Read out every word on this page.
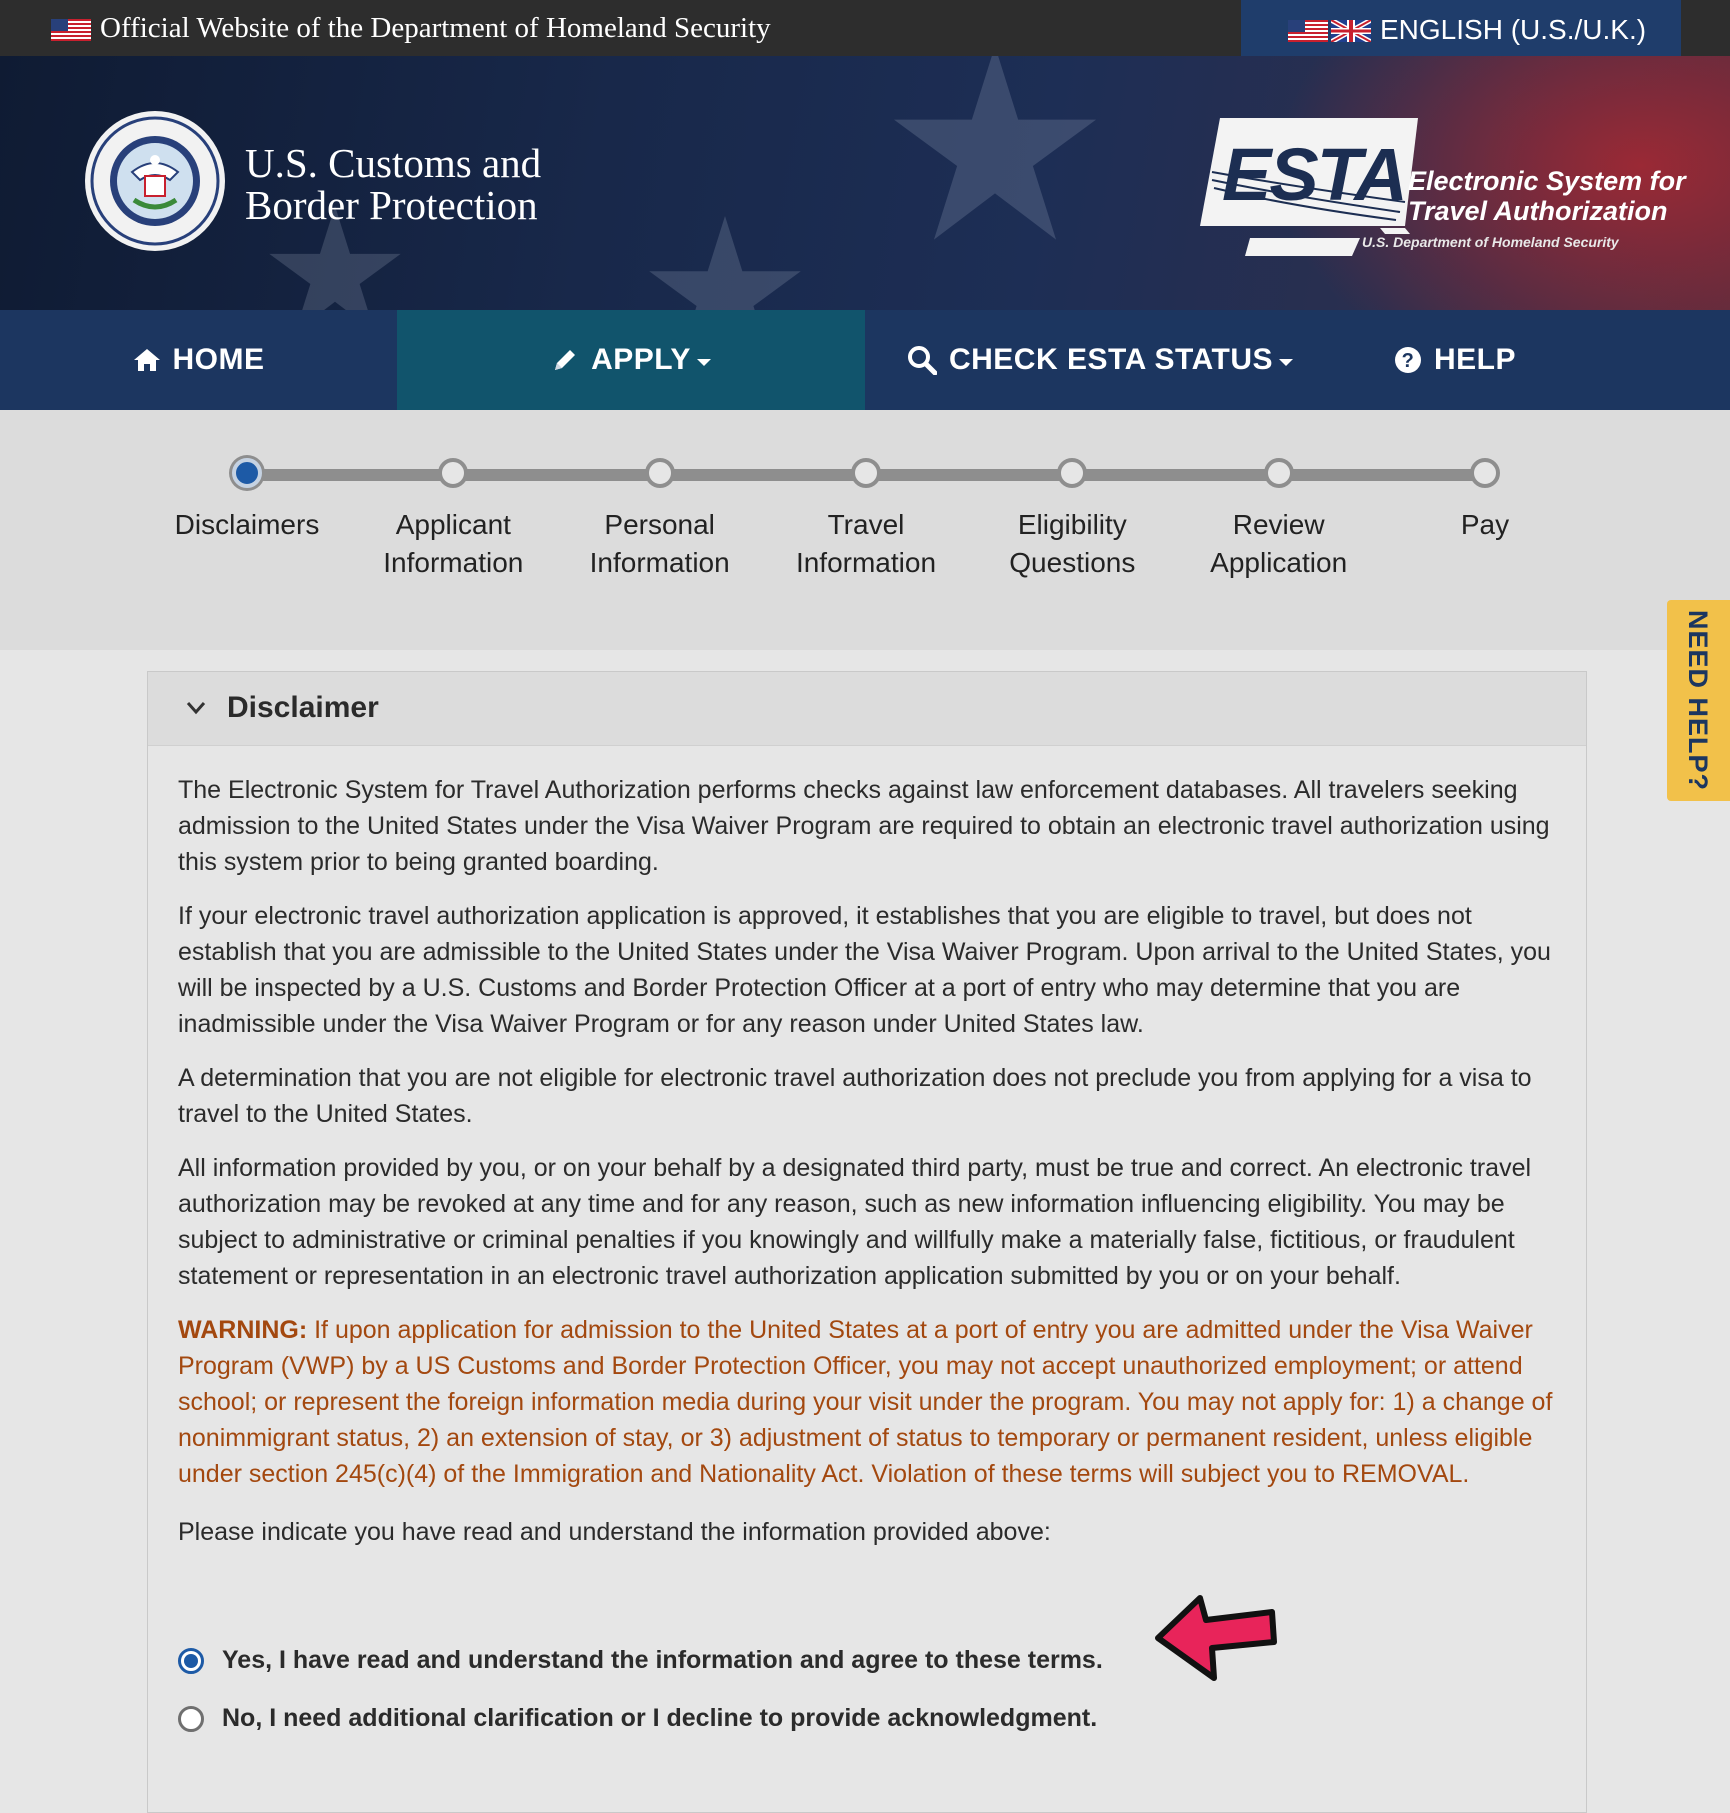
Official Website of the Department of Homeland Security	ENGLISH (U.S./U.K.)
U.S. Customs and
Border Protection	ESTA Electronic System for
Travel Authorization
U.S. Department of Homeland Security
HOME	APPLY	CHECK ESTA STATUS	? HELP
Disclaimers	Applicant
Information
Personal
Information
Travel
Information
Eligibility
Questions
Review
Application
Pay
NEED HELP?
Disclaimer

The Electronic System for Travel Authorization performs checks against law enforcement databases. All travelers seeking admission to the United States under the Visa Waiver Program are required to obtain an electronic travel authorization using this system prior to being granted boarding.

If your electronic travel authorization application is approved, it establishes that you are eligible to travel, but does not establish that you are admissible to the United States under the Visa Waiver Program. Upon arrival to the United States, you will be inspected by a U.S. Customs and Border Protection Officer at a port of entry who may determine that you are inadmissible under the Visa Waiver Program or for any reason under United States law.

A determination that you are not eligible for electronic travel authorization does not preclude you from applying for a visa to travel to the United States.

All information provided by you, or on your behalf by a designated third party, must be true and correct. An electronic travel authorization may be revoked at any time and for any reason, such as new information influencing eligibility. You may be subject to administrative or criminal penalties if you knowingly and willfully make a materially false, fictitious, or fraudulent statement or representation in an electronic travel authorization application submitted by you or on your behalf.

WARNING: If upon application for admission to the United States at a port of entry you are admitted under the Visa Waiver Program (VWP) by a US Customs and Border Protection Officer, you may not accept unauthorized employment; or attend school; or represent the foreign information media during your visit under the program. You may not apply for: 1) a change of nonimmigrant status, 2) an extension of stay, or 3) adjustment of status to temporary or permanent resident, unless eligible under section 245(c)(4) of the Immigration and Nationality Act. Violation of these terms will subject you to REMOVAL.

Please indicate you have read and understand the information provided above:

Yes, I have read and understand the information and agree to these terms.
No, I need additional clarification or I decline to provide acknowledgment.
